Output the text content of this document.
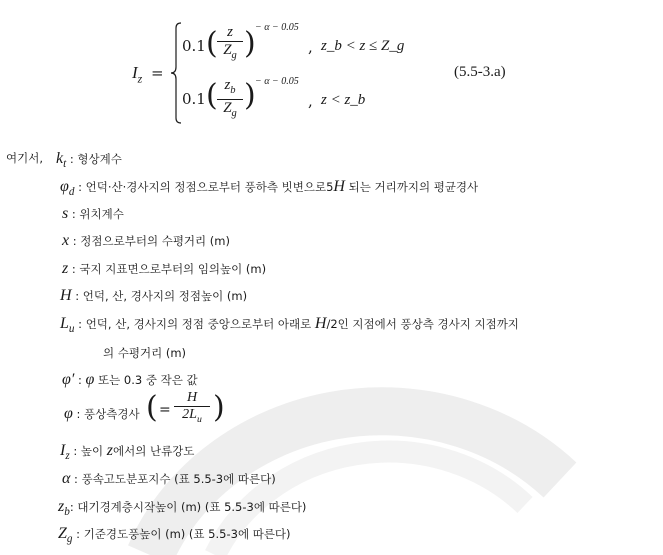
$I_z$ =
0.1 ( $\frac{z}{Z_g}$ ) − α − 0.05
, z_b < z ≤ Z_g
0.1 ( $\frac{z_b}{Z_g}$ ) − α − 0.05
, z < z_b
(5.5-3.a)
여기서, $k_t$ : 형상계수
$\varphi_d$ : 언덕·산·경사지의 정점으로부터 풍하측 빗변으로5H 되는 거리까지의 평균경사
s : 위치계수
x : 정점으로부터의 수평거리 (m)
z : 국지 지표면으로부터의 임의높이 (m)
H : 언덕, 산, 경사지의 정점높이 (m)
$L_u$ : 언덕, 산, 경사지의 정점 중앙으로부터 아래로 H/2인 지점에서 풍상측 경사지 지점까지
의 수평거리 (m)
φ′ : φ 또는 0.3 중 작은 값
φ : 풍상측경사 ( = $\frac{H}{2L_u}$ )
$I_z$ : 높이 z에서의 난류강도
α : 풍속고도분포지수 (표 5.5-3에 따른다)
$z_b$: 대기경계층시작높이 (m) (표 5.5-3에 따른다)
$Z_g$ : 기준경도풍높이 (m) (표 5.5-3에 따른다)
